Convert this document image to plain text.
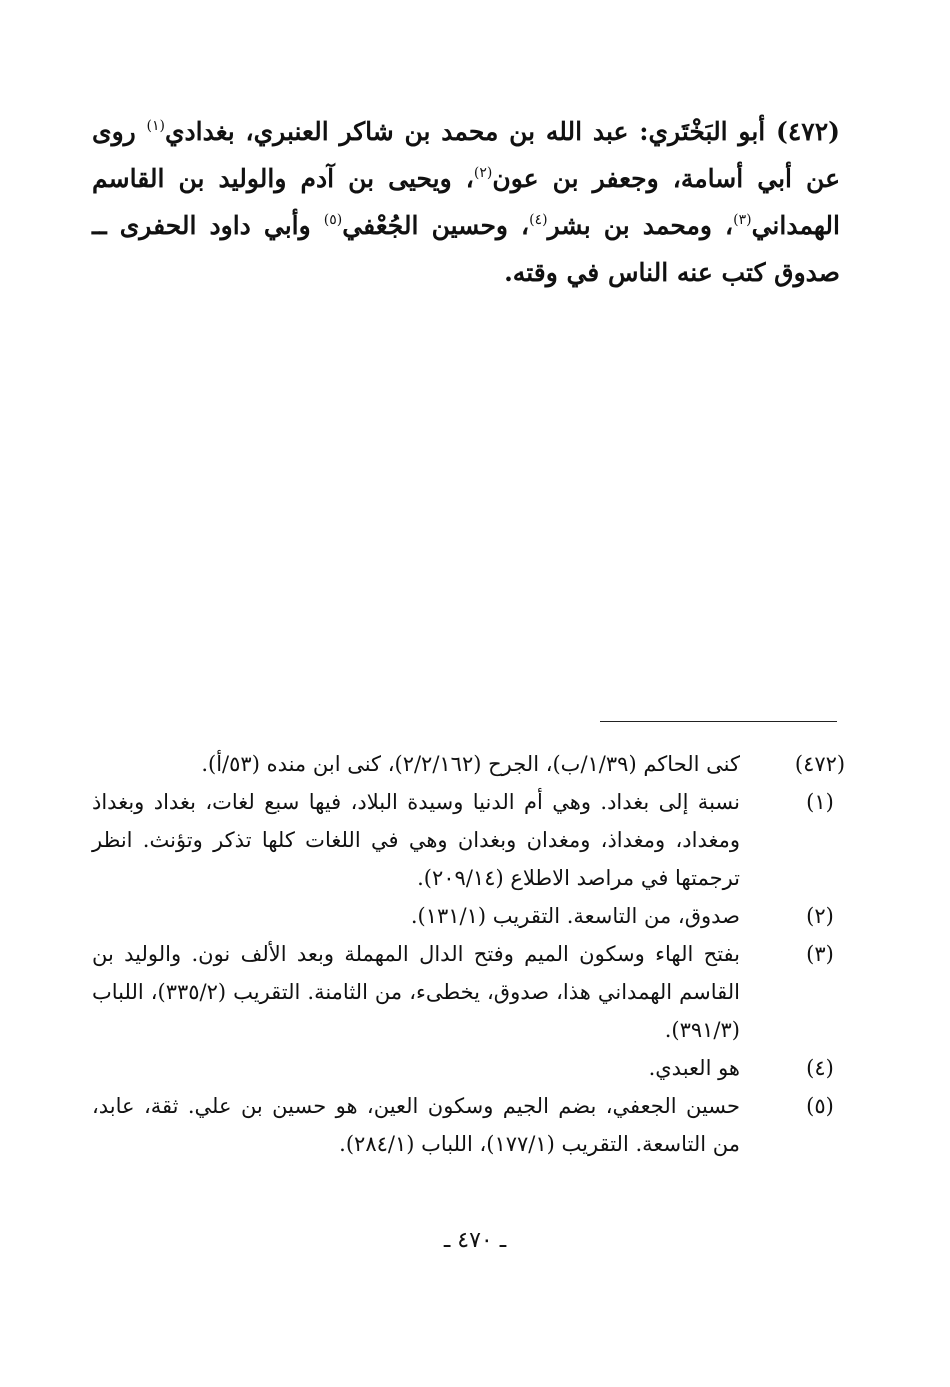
(٤٧٢) أبو البَخْتَري: عبد الله بن محمد بن شاكر العنبري، بغدادي$^{(١)}$ روى عن أبي أسامة، وجعفر بن عون$^{(٢)}$، ويحيى بن آدم والوليد بن القاسم الهمداني$^{(٣)}$، ومحمد بن بشر$^{(٤)}$، وحسين الجُعْفي$^{(٥)}$ وأبي داود الحفرى ــ صدوق كتب عنه الناس في وقته.
(٤٧٢)
كنى الحاكم (١/٣٩/ب)، الجرح (٢/٢/١٦٢)، كنى ابن منده (٥٣/أ).
(١)
نسبة إلى بغداد. وهي أم الدنيا وسيدة البلاد، فيها سبع لغات، بغداد وبغداذ ومغداد، ومغداذ، ومغدان وبغدان وهي في اللغات كلها تذكر وتؤنث. انظر ترجمتها في مراصد الاطلاع (٢٠٩/١٤).
(٢)
صدوق، من التاسعة. التقريب (١٣١/١).
(٣)
بفتح الهاء وسكون الميم وفتح الدال المهملة وبعد الألف نون. والوليد بن القاسم الهمداني هذا، صدوق، يخطىء، من الثامنة. التقريب (٣٣٥/٢)، اللباب (٣٩١/٣).
(٤)
هو العبدي.
(٥)
حسين الجعفي، بضم الجيم وسكون العين، هو حسين بن علي. ثقة، عابد، من التاسعة. التقريب (١٧٧/١)، اللباب (٢٨٤/١).
ـ ٤٧٠ ـ
